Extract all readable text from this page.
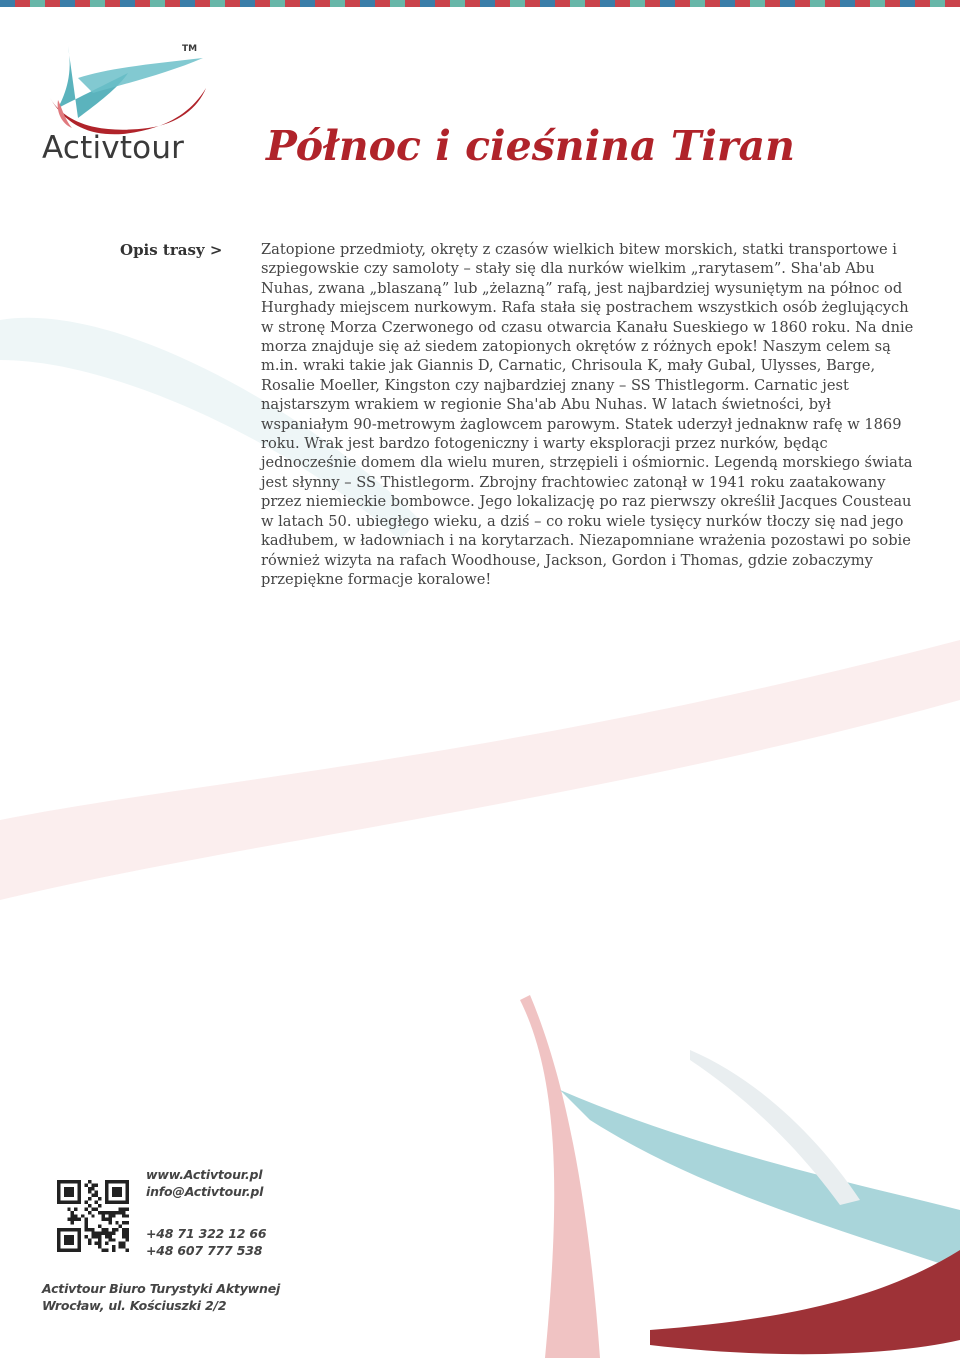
Activtour
TM
Północ i cieśnina Tiran
Opis trasy >	Zatopione przedmioty, okręty z czasów wielkich bitew morskich, statki transportowe i
szpiegowskie czy samoloty – stały się dla nurków wielkim „rarytasem”. Sha'ab Abu
Nuhas, zwana „blaszaną” lub „żelazną” rafą, jest najbardziej wysuniętym na północ od
Hurghady miejscem nurkowym. Rafa stała się postrachem wszystkich osób żeglujących
w stronę Morza Czerwonego od czasu otwarcia Kanału Sueskiego w 1860 roku. Na dnie
morza znajduje się aż siedem zatopionych okrętów z różnych epok! Naszym celem są
m.in. wraki takie jak Giannis D, Carnatic, Chrisoula K, mały Gubal, Ulysses, Barge,
Rosalie Moeller, Kingston czy najbardziej znany – SS Thistlegorm. Carnatic jest
najstarszym wrakiem w regionie Sha'ab Abu Nuhas. W latach świetności, był
wspaniałym 90-metrowym żaglowcem parowym. Statek uderzył jednaknw rafę w 1869
roku. Wrak jest bardzo fotogeniczny i warty eksploracji przez nurków, będąc
jednocześnie domem dla wielu muren, strzępieli i ośmiornic. Legendą morskiego świata
jest słynny – SS Thistlegorm. Zbrojny frachtowiec zatonął w 1941 roku zaatakowany
przez niemieckie bombowce. Jego lokalizację po raz pierwszy określił Jacques Cousteau
w latach 50. ubiegłego wieku, a dziś – co roku wiele tysięcy nurków tłoczy się nad jego
kadłubem, w ładowniach i na korytarzach. Niezapomniane wrażenia pozostawi po sobie
również wizyta na rafach Woodhouse, Jackson, Gordon i Thomas, gdzie zobaczymy
przepiękne formacje koralowe!
www.Activtour.pl
info@Activtour.pl
+48 71 322 12 66
+48 607 777 538
Activtour Biuro Turystyki Aktywnej
Wrocław, ul. Kościuszki 2/2
